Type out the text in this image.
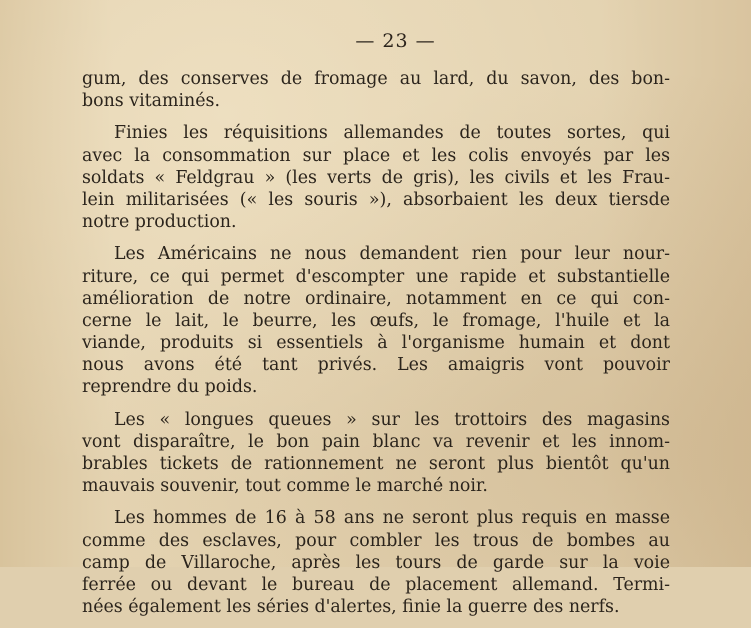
— 23 —
gum, des conserves de fromage au lard, du savon, des bon-
bons vitaminés.
Finies les réquisitions allemandes de toutes sortes, qui
avec la consommation sur place et les colis envoyés par les
soldats « Feldgrau » (les verts de gris), les civils et les Frau-
lein militarisées (« les souris »), absorbaient les deux tiersde
notre production.
Les Américains ne nous demandent rien pour leur nour-
riture, ce qui permet d'escompter une rapide et substantielle
amélioration de notre ordinaire, notamment en ce qui con-
cerne le lait, le beurre, les œufs, le fromage, l'huile et la
viande, produits si essentiels à l'organisme humain et dont
nous avons été tant privés. Les amaigris vont pouvoir
reprendre du poids.
Les « longues queues » sur les trottoirs des magasins
vont disparaître, le bon pain blanc va revenir et les innom-
brables tickets de rationnement ne seront plus bientôt qu'un
mauvais souvenir, tout comme le marché noir.
Les hommes de 16 à 58 ans ne seront plus requis en masse
comme des esclaves, pour combler les trous de bombes au
camp de Villaroche, après les tours de garde sur la voie
ferrée ou devant le bureau de placement allemand. Termi-
nées également les séries d'alertes, finie la guerre des nerfs.
